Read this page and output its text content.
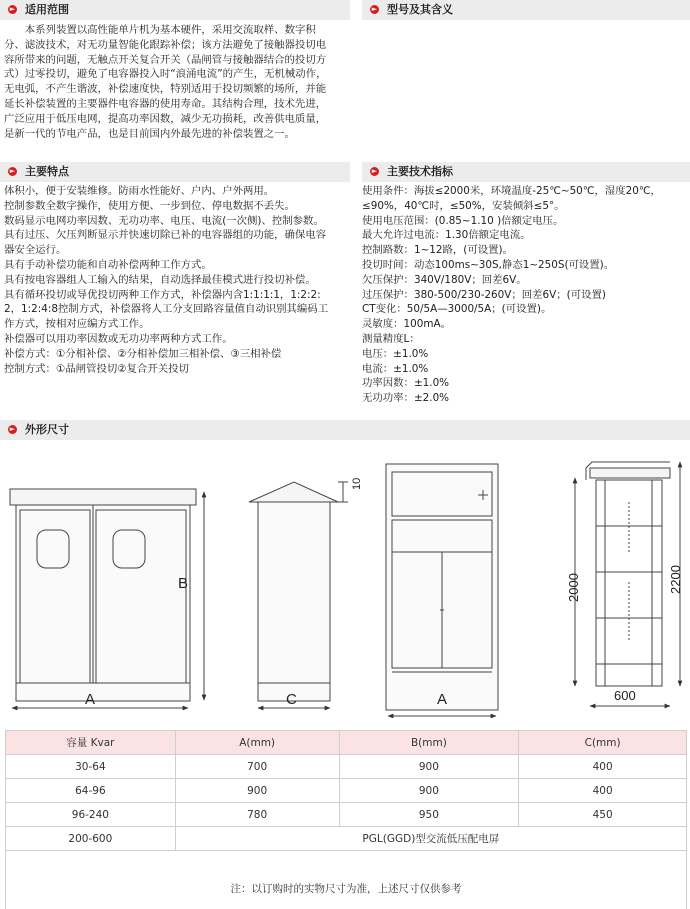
► 适用范围	► 型号及其含义

本系列装置以高性能单片机为基本硬件，采用交流取样、数字积分、滤波技术，对无功量智能化跟踪补偿；该方法避免了接触器投切电容所带来的问题，无触点开关复合开关（晶闸管与接触器结合的投切方式）过零投切，避免了电容器投入时“浪涌电流”的产生，无机械动作，无电弧，不产生谐波，补偿速度快，特别适用于投切频繁的场所，并能延长补偿装置的主要器件电容器的使用寿命。其结构合理，技术先进，广泛应用于低压电网，提高功率因数，减少无功损耗，改善供电质量，是新一代的节电产品，也是目前国内外最先进的补偿装置之一。

► 主要特点	► 主要技术指标

体积小，便于安装维修。防雨水性能好、户内、户外两用。

控制参数全数字操作，使用方便、一步到位、停电数据不丢失。

数码显示电网功率因数、无功功率、电压、电流(一次侧)、控制参数。

具有过压、欠压判断显示并快速切除已补的电容器组的功能，确保电容器安全运行。

具有手动补偿功能和自动补偿两种工作方式。

具有按电容器组人工输入的结果，自动选择最佳模式进行投切补偿。

具有循环投切或导优投切两种工作方式，补偿器内含1:1:1:1，1:2:2:2，1:2:4:8控制方式，补偿器将人工分支回路容量值自动识别其编码工作方式，按相对应编方式工作。

补偿器可以用功率因数或无功功率两种方式工作。

补偿方式：①分相补偿、②分相补偿加三相补偿、③三相补偿

控制方式：①晶闸管投切②复合开关投切

使用条件：海拔≤2000米，环境温度-25℃~50℃，湿度20℃，≤90%，40℃时，≤50%，安装倾斜≤5°。

使用电压范围：(0.85~1.10 )倍额定电压。

最大允许过电流：1.30倍额定电流。

控制路数：1~12路，(可设置)。

投切时间：动态100ms~30S,静态1~250S(可设置)。

欠压保护：340V/180V；回差6V。

过压保护：380-500/230-260V；回差6V；(可设置)

CT变化：50/5A—3000/5A；(可设置)。

灵敏度：100mA。

测量精度L：

电压：±1.0%

电流：±1.0%

功率因数：±1.0%

无功功率：±2.0%

► 外形尺寸
B
A
10
C	A
2000	2200
600
容量 Kvar	A(mm)	B(mm)	C(mm)
30-64	700	900	400
64-96	900	900	400
96-240	780	950	450
200-600	PGL(GGD)型交流低压配电屏		
注：以订购时的实物尺寸为准，上述尺寸仅供参考			
